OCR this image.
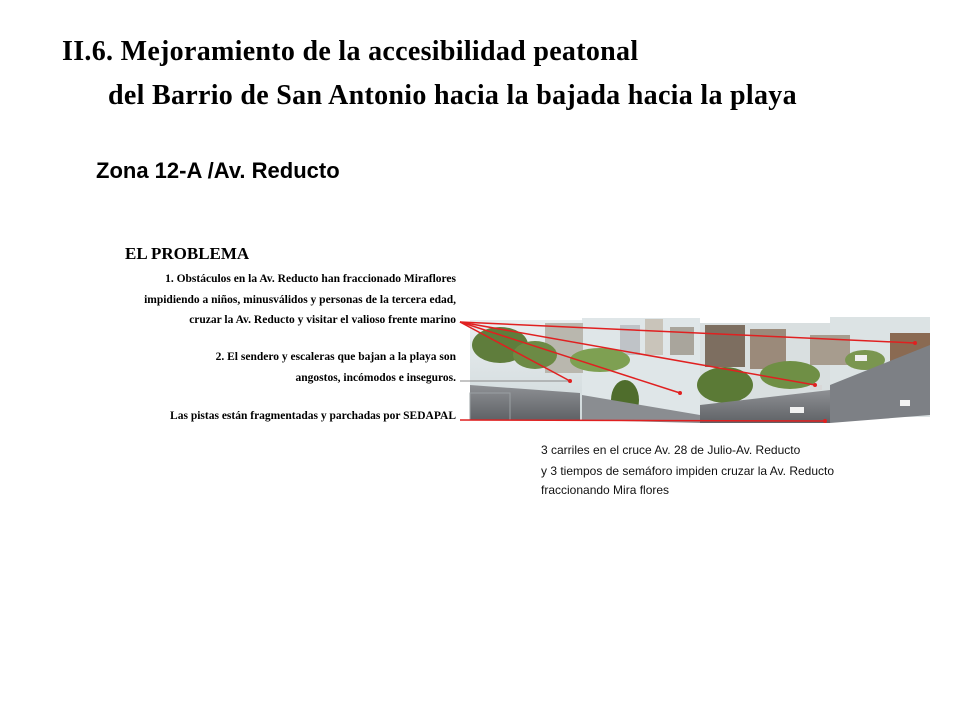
II.6. Mejoramiento de la accesibilidad peatonal
del Barrio de San Antonio hacia la bajada hacia la playa
Zona 12-A /Av. Reducto
EL PROBLEMA

1. Obstáculos en la Av. Reducto han fraccionado Miraflores

impidiendo a niños, minusválidos y personas de la tercera edad,

cruzar la Av. Reducto y visitar el valioso frente marino

2. El sendero y escaleras que bajan a la playa son

angostos, incómodos e inseguros.

Las pistas están fragmentadas y parchadas por SEDAPAL

3 carriles en el cruce Av. 28 de Julio-Av. Reducto

y 3 tiempos de semáforo impiden cruzar la Av. Reducto

fraccionando Mira flores
